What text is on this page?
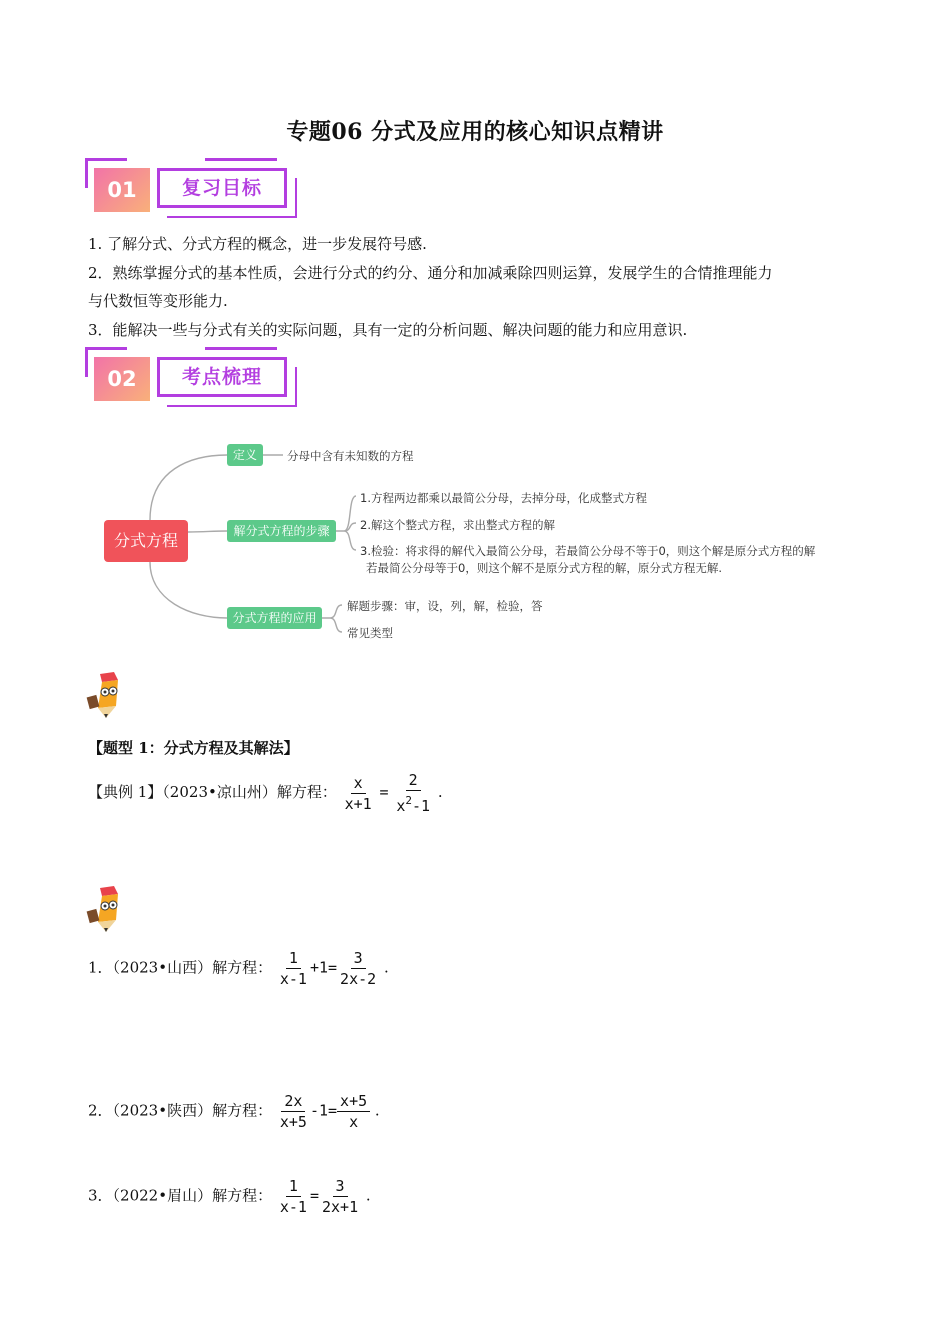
专题06 分式及应用的核心知识点精讲
01	复习目标
1. 了解分式、分式方程的概念，进一步发展符号感.
2．熟练掌握分式的基本性质，会进行分式的约分、通分和加减乘除四则运算，发展学生的合情推理能力
与代数恒等变形能力.
3．能解决一些与分式有关的实际问题，具有一定的分析问题、解决问题的能力和应用意识.
02	考点梳理
分式方程
定义
解分式方程的步骤
分式方程的应用
分母中含有未知数的方程
1.方程两边都乘以最简公分母，去掉分母，化成整式方程
2.解这个整式方程，求出整式方程的解
3.检验：将求得的解代入最简公分母，若最简公分母不等于0，则这个解是原分式方程的解
若最简公分母等于0，则这个解不是原分式方程的解，原分式方程无解.
解题步骤：审，设，列，解，检验，答
常见类型
【题型 1：分式方程及其解法】
【典例 1】（2023•凉山州）解方程： $\frac{x}{x+1} = \frac{2}{x^2-1}$ .
1．（2023•山西）解方程： $\frac{1}{x-1} +1= \frac{3}{2x-2}$ .
2．（2023•陕西）解方程： $\frac{2x}{x+5} -1= \frac{x+5}{x}$ .
3．（2022•眉山）解方程： $\frac{1}{x-1} = \frac{3}{2x+1}$ .
